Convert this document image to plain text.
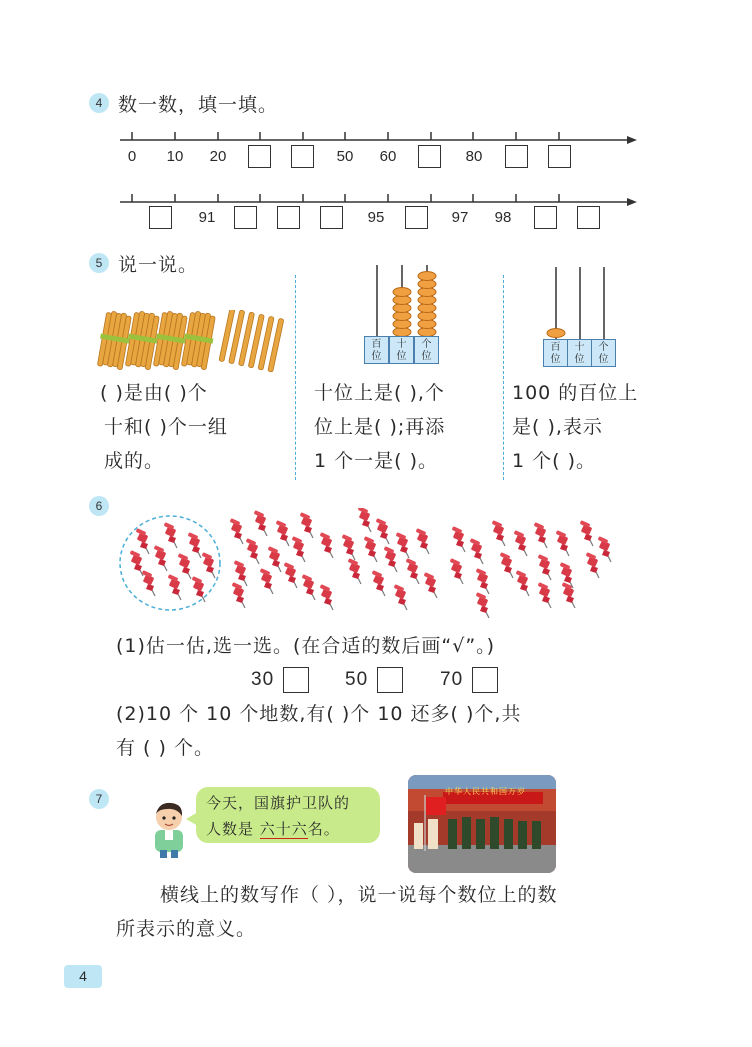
4 数一数，填一填。
0 10 20	50 60	80
91	95	97 98
5 说一说。
百
位
十
位
个
位
百
位
十
位
个
位
( )是由( )个
十和( )个一组
成的。
十位上是( ),个
位上是( );再添
1 个一是( )。
100 的百位上
是( ),表示
1 个( )。
6
(1)估一估,选一选。(在合适的数后画“√”。)
30	50	70
(2)10 个 10 个地数,有( )个 10 还多( )个,共
有 ( ) 个。
7	今天，国旗护卫队的
人数是 六十六名。
中华人民共和国万岁
横线上的数写作（ ），说一说每个数位上的数
所表示的意义。
4
